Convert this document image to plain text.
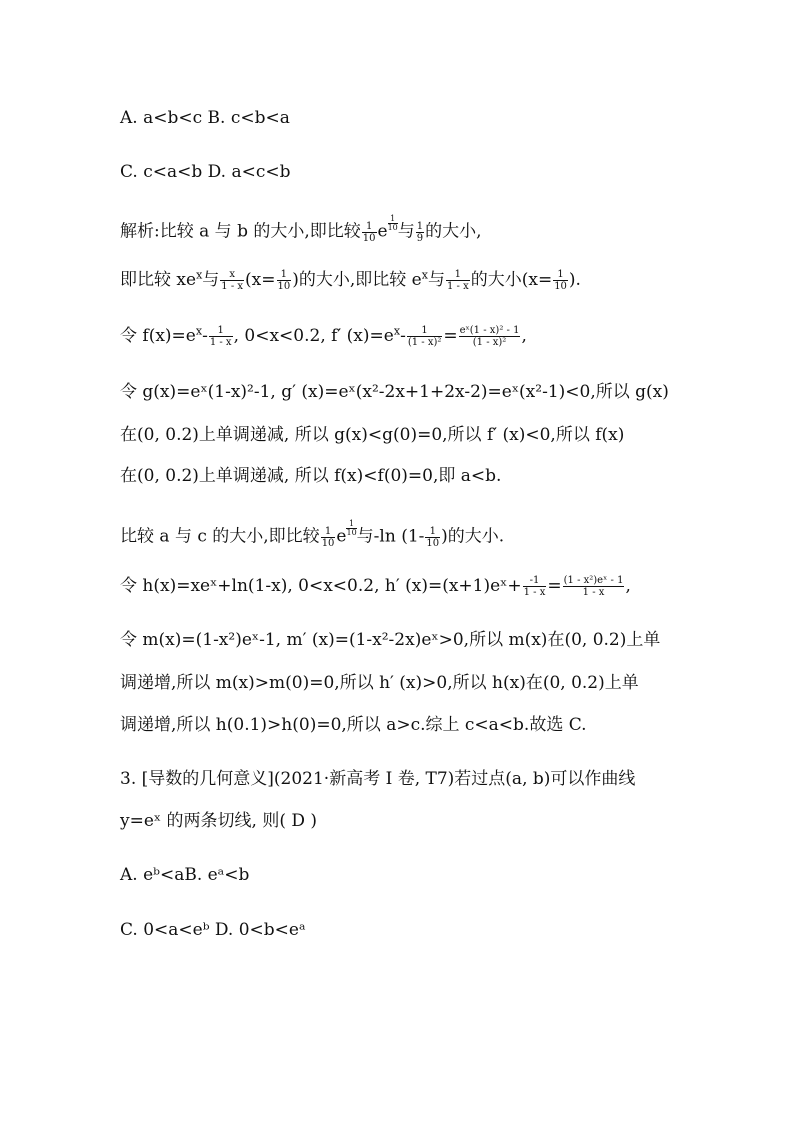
A. a<b<c B. c<b<a
C. c<a<b D. a<c<b
解析:比较 a 与 b 的大小,即比较 $\frac{1}{10}$ e $\frac{1}{10}$ 与 $\frac{1}{9}$ 的大小,
即比较 $xe^x$与 $\frac{x}{1 - x} (x= \frac{1}{10}$ )的大小,即比较 $e^x$与 $\frac{1}{1 - x}$ 的大小($x= \frac{1}{10}$ ).
令 $f(x)=e^x- \frac{1}{1 - x}$ , 0<x<0.2, f′ $(x)=e^x- \frac{1}{\text{(1 - x)²}} = \frac{\text{eˣ(1 - x)² - 1}}{\text{(1 - x)²}}$ ,
令 g(x)=eˣ(1-x)²-1, g′ (x)=eˣ(x²-2x+1+2x-2)=eˣ(x²-1)<0,所以 g(x)
在(0, 0.2)上单调递减, 所以 g(x)<g(0)=0,所以 f′ (x)<0,所以 f(x)
在(0, 0.2)上单调递减, 所以 f(x)<f(0)=0,即 a<b.
比较 a 与 c 的大小,即比较 $\frac{1}{10}$ e $\frac{1}{10}$ 与-ln ($1- \frac{1}{10}$ )的大小.
令 h(x)=xeˣ+ln(1-x), 0<x<0.2, h′ (x)=(x+1)eˣ+ $\frac{-1}{1 - x} = \frac{\text{(1 - x²)eˣ - 1}}{1 - x}$ ,
令 m(x)=(1-x²)eˣ-1, m′ (x)=(1-x²-2x)eˣ>0,所以 m(x)在(0, 0.2)上单
调递增,所以 m(x)>m(0)=0,所以 h′ (x)>0,所以 h(x)在(0, 0.2)上单
调递增,所以 h(0.1)>h(0)=0,所以 a>c.综上 c<a<b.故选 C.
3. [导数的几何意义](2021·新高考 I 卷, T7)若过点(a, b)可以作曲线
y=eˣ 的两条切线, 则( D )
A. eᵇ<aB. eᵃ<b
C. 0<a<eᵇ D. 0<b<eᵃ
